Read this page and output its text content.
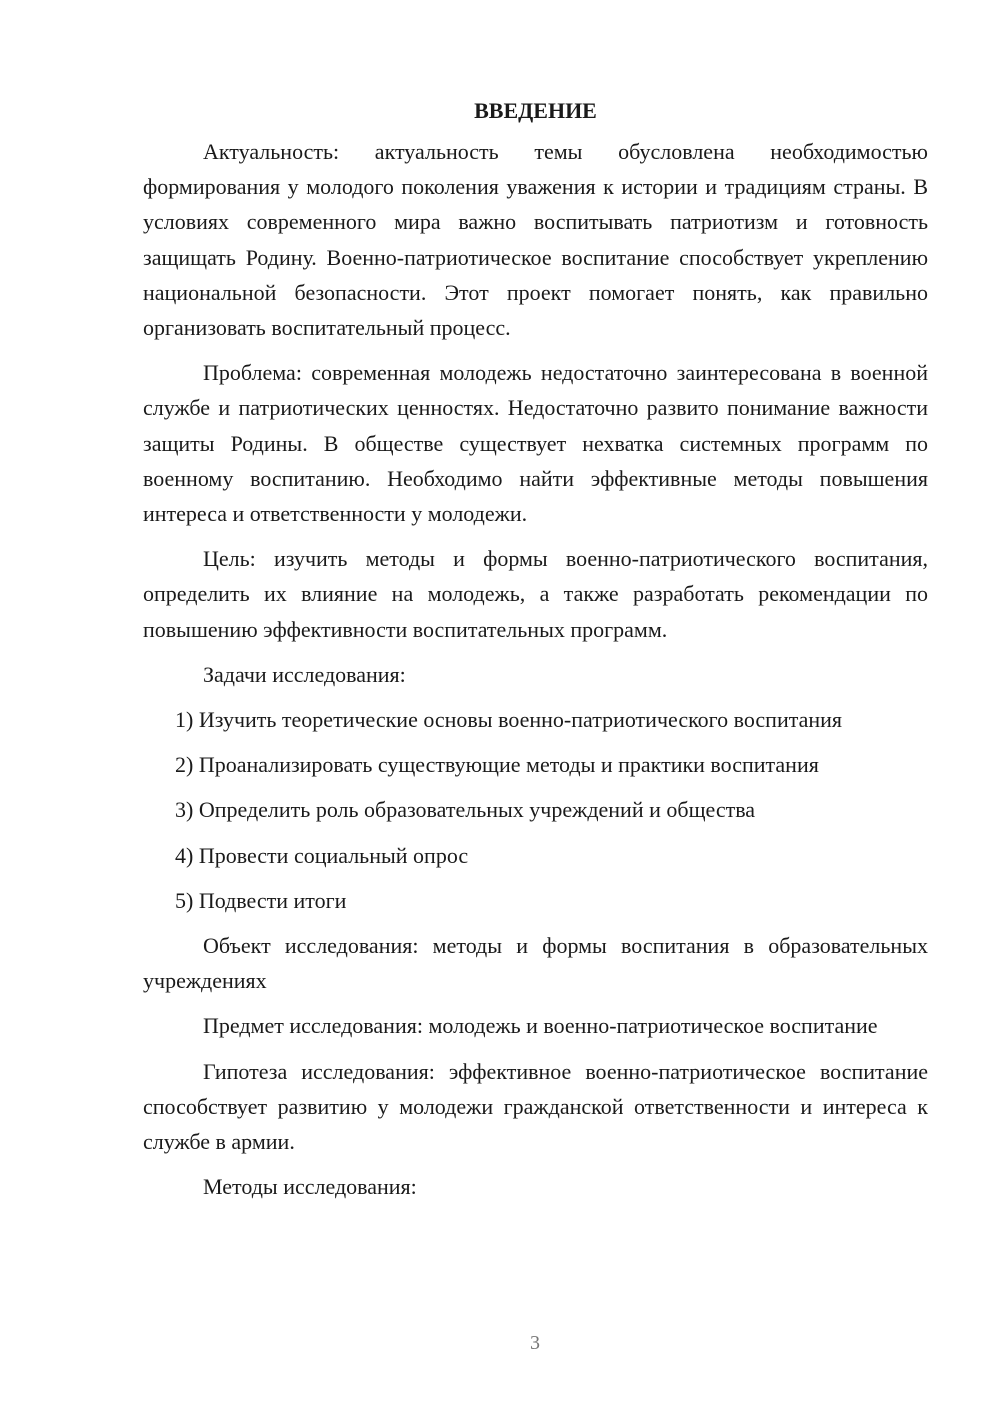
ВВЕДЕНИЕ

Актуальность: актуальность темы обусловлена необходимостью формирования у молодого поколения уважения к истории и традициям страны. В условиях современного мира важно воспитывать патриотизм и готовность защищать Родину. Военно-патриотическое воспитание способствует укреплению национальной безопасности. Этот проект помогает понять, как правильно организовать воспитательный процесс.

Проблема: современная молодежь недостаточно заинтересована в военной службе и патриотических ценностях. Недостаточно развито понимание важности защиты Родины. В обществе существует нехватка системных программ по военному воспитанию. Необходимо найти эффективные методы повышения интереса и ответственности у молодежи.

Цель: изучить методы и формы военно-патриотического воспитания, определить их влияние на молодежь, а также разработать рекомендации по повышению эффективности воспитательных программ.

Задачи исследования:

1) Изучить теоретические основы военно-патриотического воспитания

2) Проанализировать существующие методы и практики воспитания

3) Определить роль образовательных учреждений и общества

4) Провести социальный опрос

5) Подвести итоги

Объект исследования: методы и формы воспитания в образовательных учреждениях

Предмет исследования: молодежь и военно-патриотическое воспитание

Гипотеза исследования: эффективное военно-патриотическое воспитание способствует развитию у молодежи гражданской ответственности и интереса к службе в армии.

Методы исследования:

3
